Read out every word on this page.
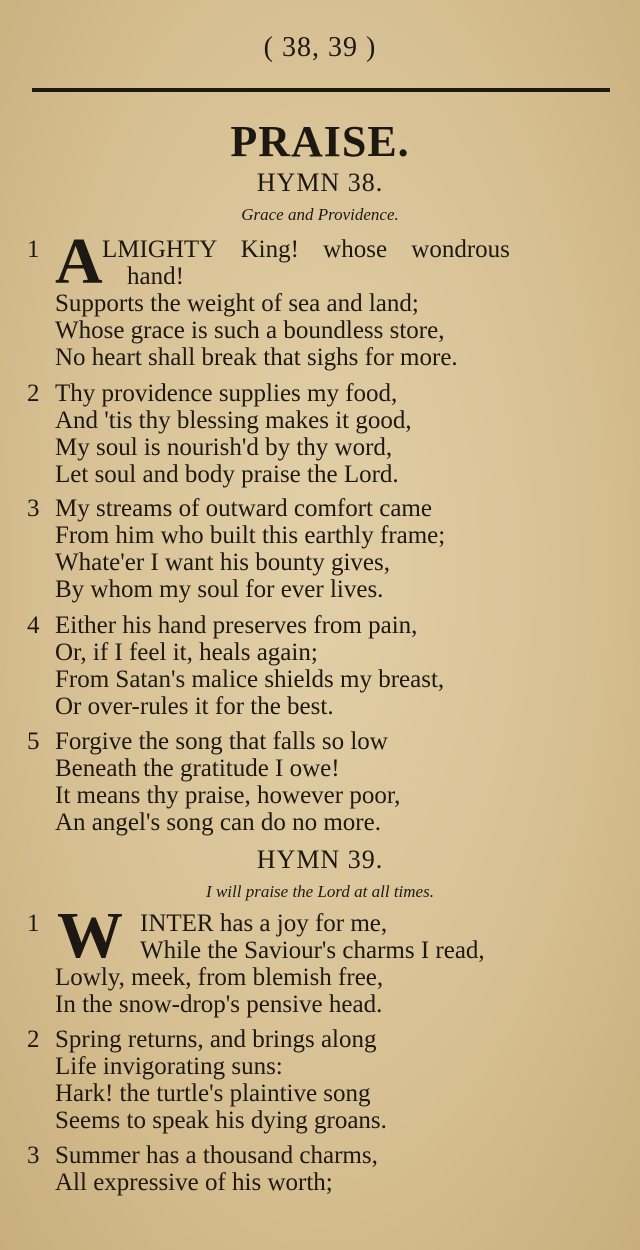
( 38, 39 )
PRAISE.
HYMN 38.
Grace and Providence.
1 A LMIGHTY King! whose wondrous
hand!
Supports the weight of sea and land;
Whose grace is such a boundless store,
No heart shall break that sighs for more.
2 Thy providence supplies my food,
And 'tis thy blessing makes it good,
My soul is nourish'd by thy word,
Let soul and body praise the Lord.
3 My streams of outward comfort came
From him who built this earthly frame;
Whate'er I want his bounty gives,
By whom my soul for ever lives.
4 Either his hand preserves from pain,
Or, if I feel it, heals again;
From Satan's malice shields my breast,
Or over-rules it for the best.
5 Forgive the song that falls so low
Beneath the gratitude I owe!
It means thy praise, however poor,
An angel's song can do no more.
HYMN 39.
I will praise the Lord at all times.
1 W INTER has a joy for me,
While the Saviour's charms I read,
Lowly, meek, from blemish free,
In the snow-drop's pensive head.
2 Spring returns, and brings along
Life invigorating suns:
Hark! the turtle's plaintive song
Seems to speak his dying groans.
3 Summer has a thousand charms,
All expressive of his worth;
